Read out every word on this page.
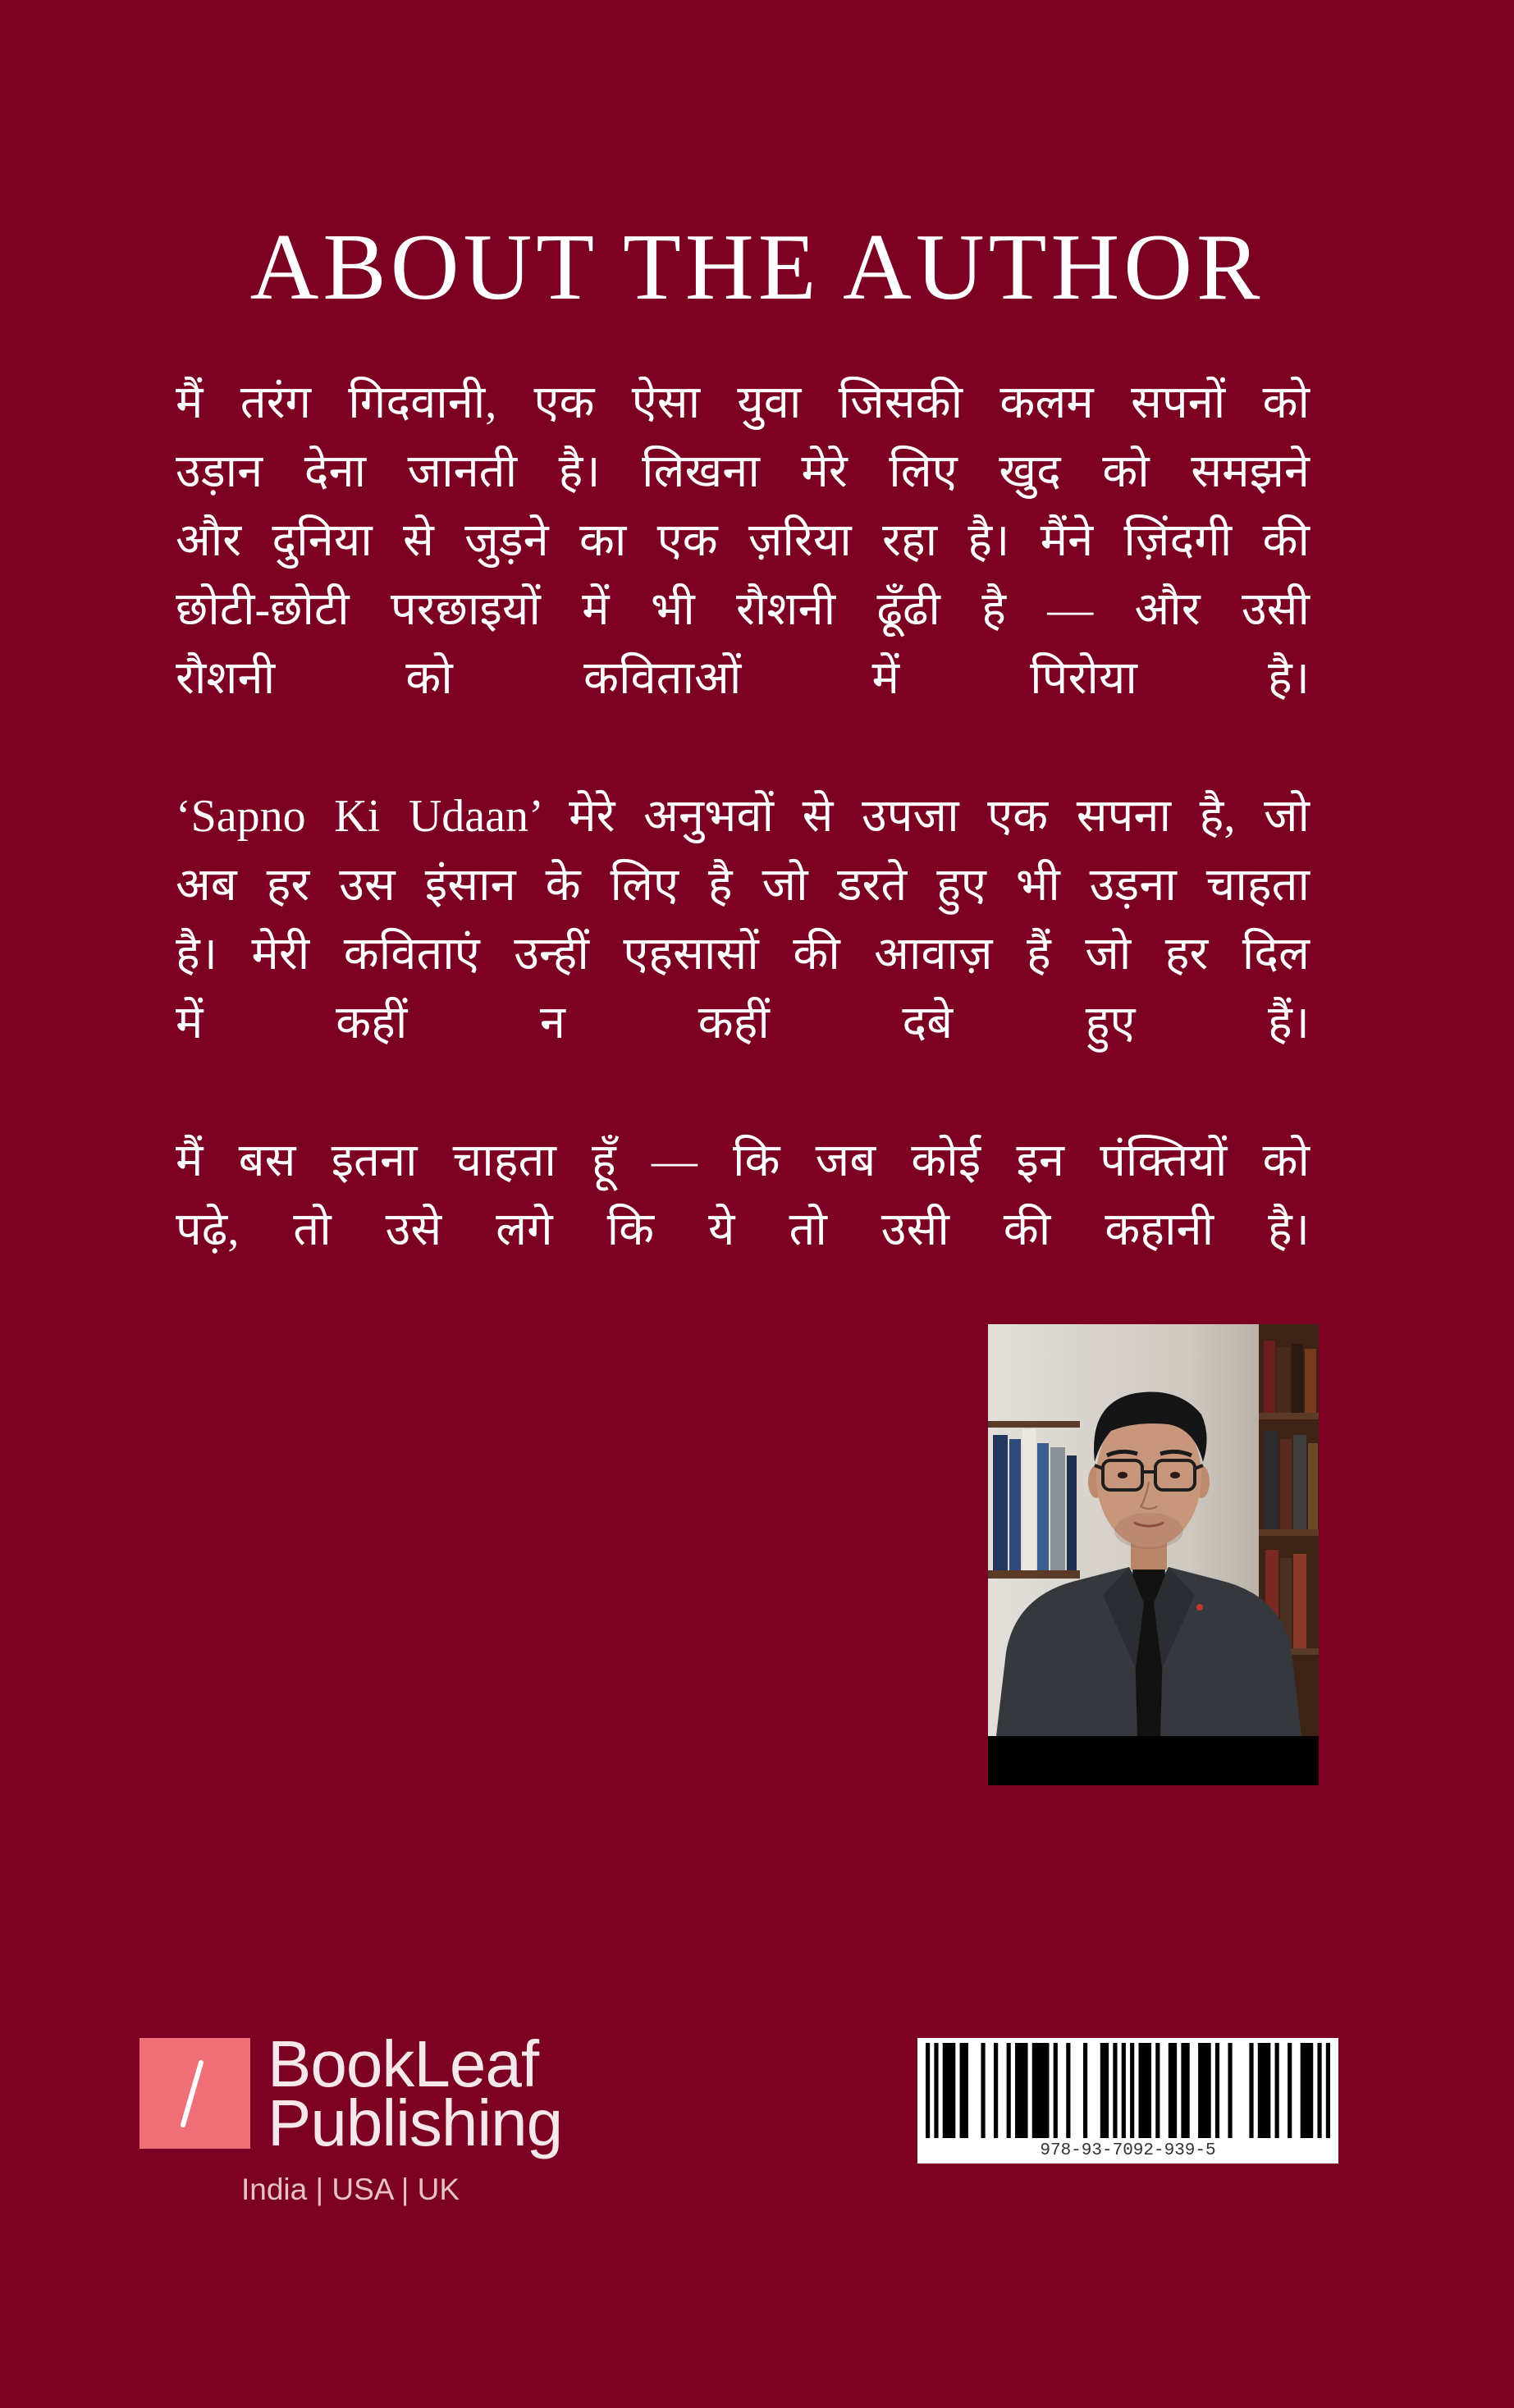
ABOUT THE AUTHOR
मैं तरंग गिदवानी, एक ऐसा युवा जिसकी कलम सपनों को
उड़ान देना जानती है। लिखना मेरे लिए खुद को समझने
और दुनिया से जुड़ने का एक ज़रिया रहा है। मैंने ज़िंदगी की
छोटी-छोटी परछाइयों में भी रौशनी ढूँढी है — और उसी
रौशनी को कविताओं में पिरोया है।
‘Sapno Ki Udaan’ मेरे अनुभवों से उपजा एक सपना है, जो
अब हर उस इंसान के लिए है जो डरते हुए भी उड़ना चाहता
है। मेरी कविताएं उन्हीं एहसासों की आवाज़ हैं जो हर दिल
में कहीं न कहीं दबे हुए हैं।
मैं बस इतना चाहता हूँ — कि जब कोई इन पंक्तियों को
पढ़े, तो उसे लगे कि ये तो उसी की कहानी है।
BookLeaf
Publishing
India | USA | UK
978-93-7092-939-5
